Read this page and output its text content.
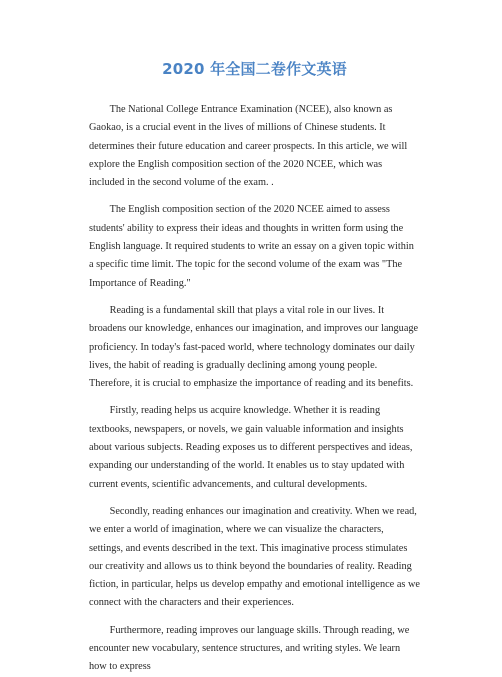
2020 年全国二卷作文英语

The National College Entrance Examination (NCEE), also known as Gaokao, is a crucial event in the lives of millions of Chinese students. It determines their future education and career prospects. In this article, we will explore the English composition section of the 2020 NCEE, which was included in the second volume of the exam. .

The English composition section of the 2020 NCEE aimed to assess students' ability to express their ideas and thoughts in written form using the English language. It required students to write an essay on a given topic within a specific time limit. The topic for the second volume of the exam was "The Importance of Reading."

Reading is a fundamental skill that plays a vital role in our lives. It broadens our knowledge, enhances our imagination, and improves our language proficiency. In today's fast-paced world, where technology dominates our daily lives, the habit of reading is gradually declining among young people. Therefore, it is crucial to emphasize the importance of reading and its benefits.

Firstly, reading helps us acquire knowledge. Whether it is reading textbooks, newspapers, or novels, we gain valuable information and insights about various subjects. Reading exposes us to different perspectives and ideas, expanding our understanding of the world. It enables us to stay updated with current events, scientific advancements, and cultural developments.

Secondly, reading enhances our imagination and creativity. When we read, we enter a world of imagination, where we can visualize the characters, settings, and events described in the text. This imaginative process stimulates our creativity and allows us to think beyond the boundaries of reality. Reading fiction, in particular, helps us develop empathy and emotional intelligence as we connect with the characters and their experiences.

Furthermore, reading improves our language skills. Through reading, we encounter new vocabulary, sentence structures, and writing styles. We learn how to express
